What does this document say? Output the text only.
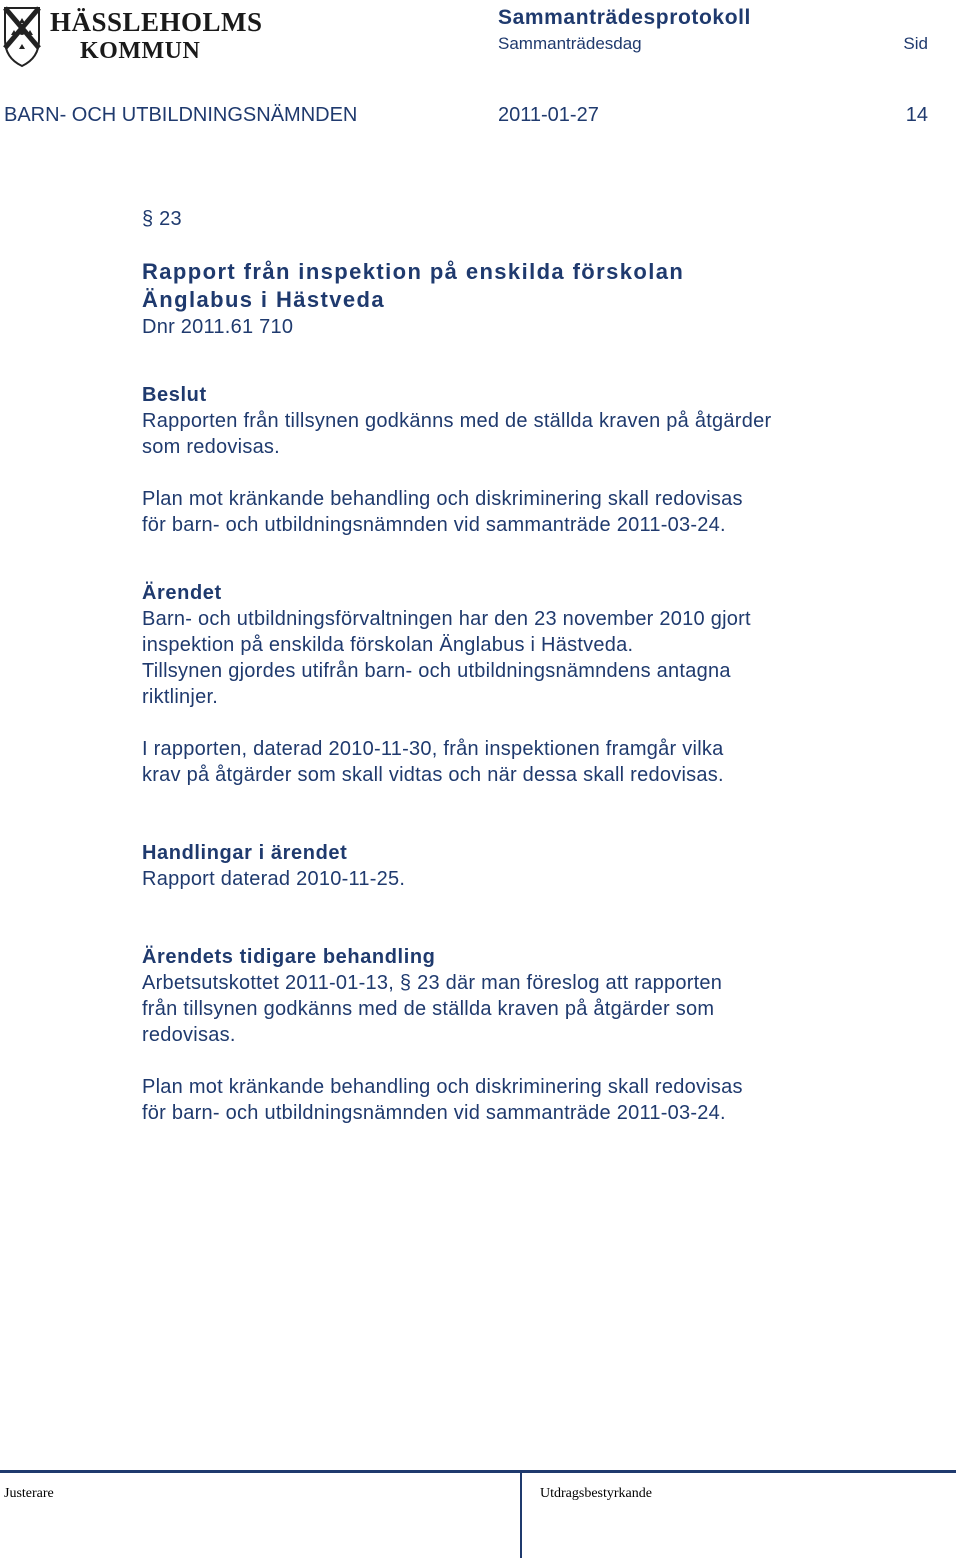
HÄSSLEHOLMS
KOMMUN
Sammanträdesprotokoll
Sammanträdesdag	Sid
BARN- OCH UTBILDNINGSNÄMNDEN	2011-01-27	14
§ 23
Rapport från inspektion på enskilda förskolan
Änglabus i Hästveda
Dnr 2011.61 710
Beslut
Rapporten från tillsynen godkänns med de ställda kraven på åtgärder
som redovisas.
Plan mot kränkande behandling och diskriminering skall redovisas
för barn- och utbildningsnämnden vid sammanträde 2011-03-24.
Ärendet
Barn- och utbildningsförvaltningen har den 23 november 2010 gjort
inspektion på enskilda förskolan Änglabus i Hästveda.
Tillsynen gjordes utifrån barn- och utbildningsnämndens antagna
riktlinjer.
I rapporten, daterad 2010-11-30, från inspektionen framgår vilka
krav på åtgärder som skall vidtas och när dessa skall redovisas.
Handlingar i ärendet
Rapport daterad 2010-11-25.
Ärendets tidigare behandling
Arbetsutskottet 2011-01-13, § 23 där man föreslog att rapporten
från tillsynen godkänns med de ställda kraven på åtgärder som
redovisas.
Plan mot kränkande behandling och diskriminering skall redovisas
för barn- och utbildningsnämnden vid sammanträde 2011-03-24.
Justerare	Utdragsbestyrkande
